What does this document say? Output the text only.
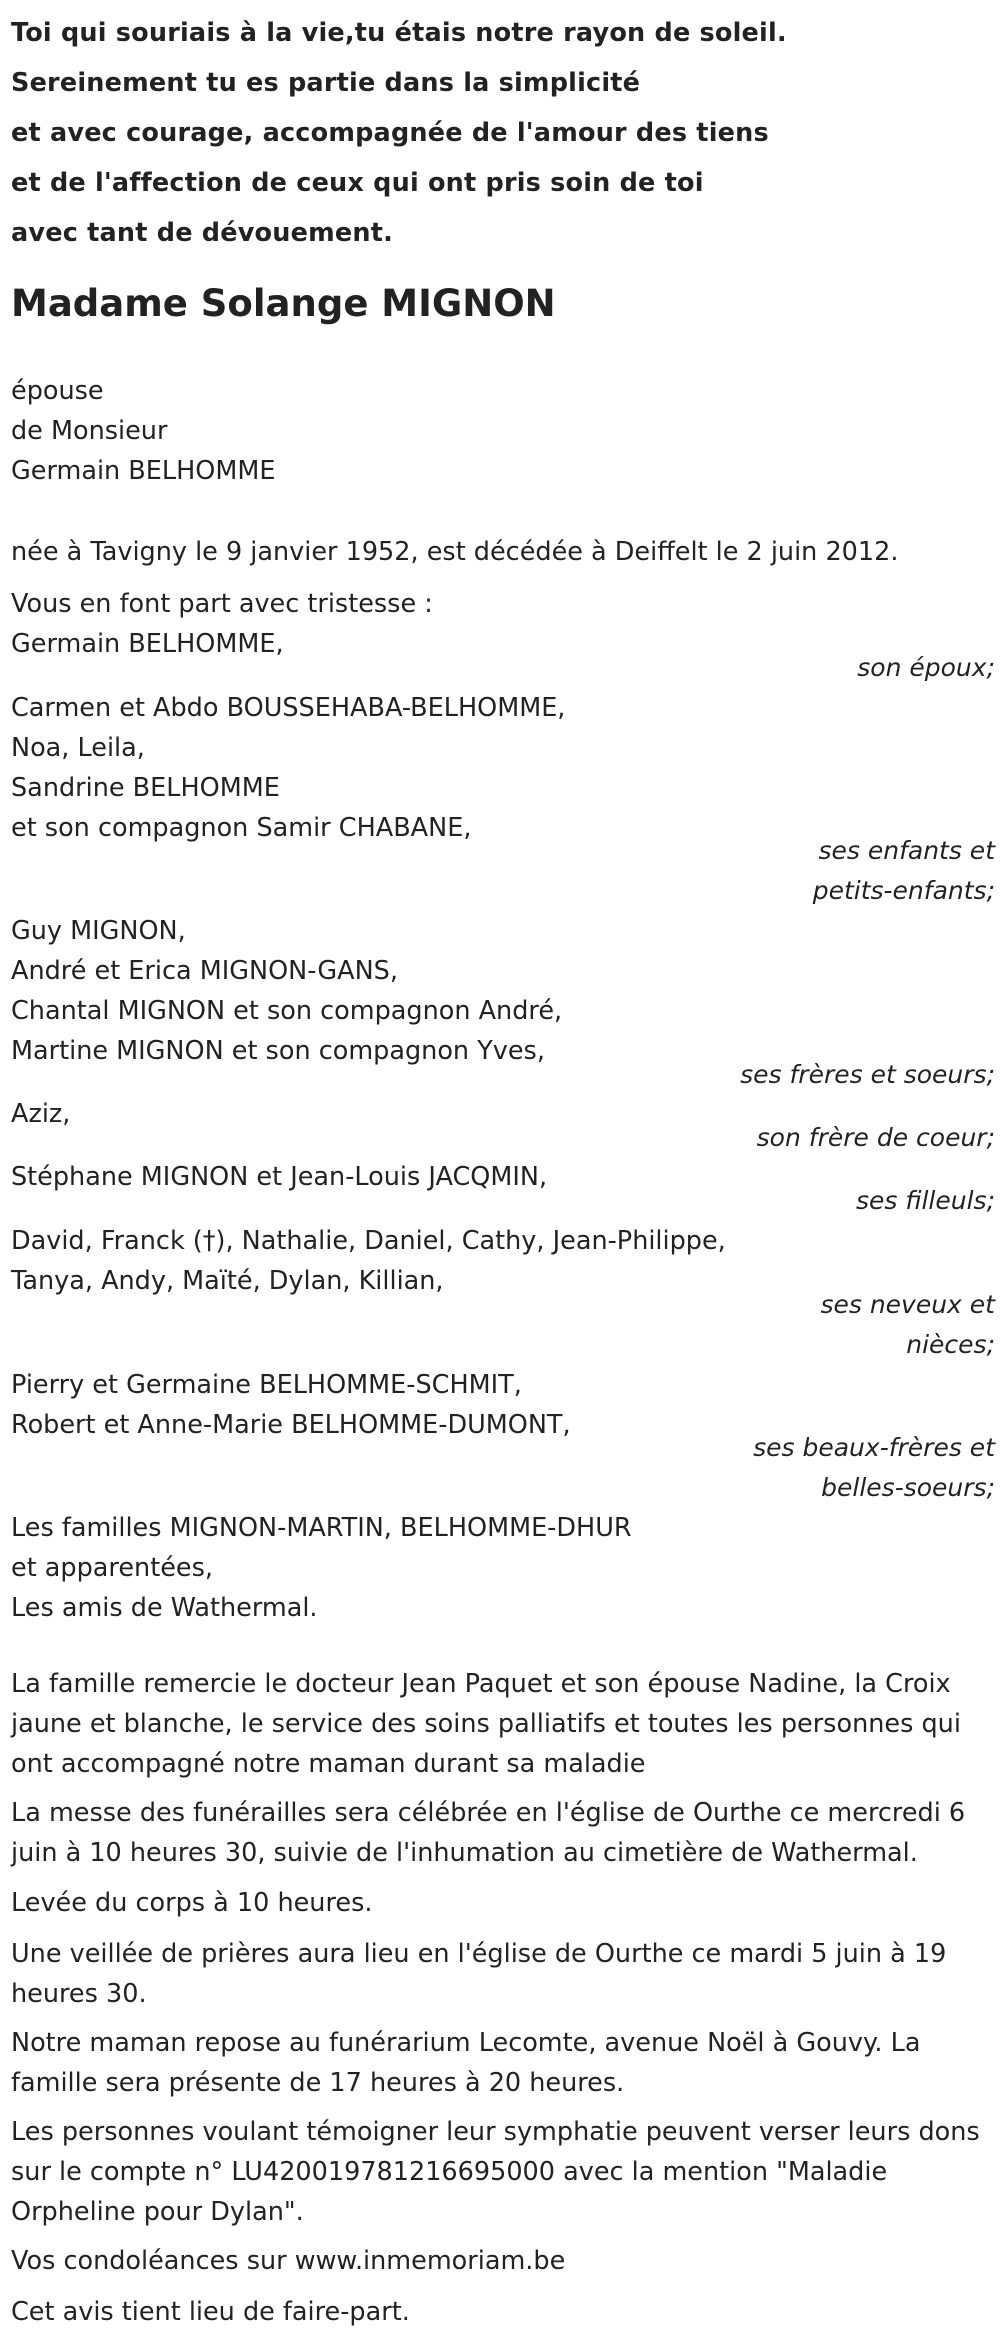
Toi qui souriais à la vie,tu étais notre rayon de soleil.
Sereinement tu es partie dans la simplicité
et avec courage, accompagnée de l'amour des tiens
et de l'affection de ceux qui ont pris soin de toi
avec tant de dévouement.
Madame Solange MIGNON
épouse
de Monsieur
Germain BELHOMME
née à Tavigny le 9 janvier 1952, est décédée à Deiffelt le 2 juin 2012.
Vous en font part avec tristesse :
Germain BELHOMME,
son époux;
Carmen et Abdo BOUSSEHABA-BELHOMME,
Noa, Leila,
Sandrine BELHOMME
et son compagnon Samir CHABANE,
ses enfants et
petits-enfants;
Guy MIGNON,
André et Erica MIGNON-GANS,
Chantal MIGNON et son compagnon André,
Martine MIGNON et son compagnon Yves,
ses frères et soeurs;
Aziz,
son frère de coeur;
Stéphane MIGNON et Jean-Louis JACQMIN,
ses filleuls;
David, Franck (†), Nathalie, Daniel, Cathy, Jean-Philippe,
Tanya, Andy, Maïté, Dylan, Killian,
ses neveux et
nièces;
Pierry et Germaine BELHOMME-SCHMIT,
Robert et Anne-Marie BELHOMME-DUMONT,
ses beaux-frères et
belles-soeurs;
Les familles MIGNON-MARTIN, BELHOMME-DHUR
et apparentées,
Les amis de Wathermal.
La famille remercie le docteur Jean Paquet et son épouse Nadine, la Croix jaune et blanche, le service des soins palliatifs et toutes les personnes qui ont accompagné notre maman durant sa maladie
La messe des funérailles sera célébrée en l'église de Ourthe ce mercredi 6 juin à 10 heures 30, suivie de l'inhumation au cimetière de Wathermal.
Levée du corps à 10 heures.
Une veillée de prières aura lieu en l'église de Ourthe ce mardi 5 juin à 19 heures 30.
Notre maman repose au funérarium Lecomte, avenue Noël à Gouvy. La famille sera présente de 17 heures à 20 heures.
Les personnes voulant témoigner leur symphatie peuvent verser leurs dons sur le compte n° LU420019781216695000 avec la mention "Maladie Orpheline pour Dylan".
Vos condoléances sur www.inmemoriam.be
Cet avis tient lieu de faire-part.
